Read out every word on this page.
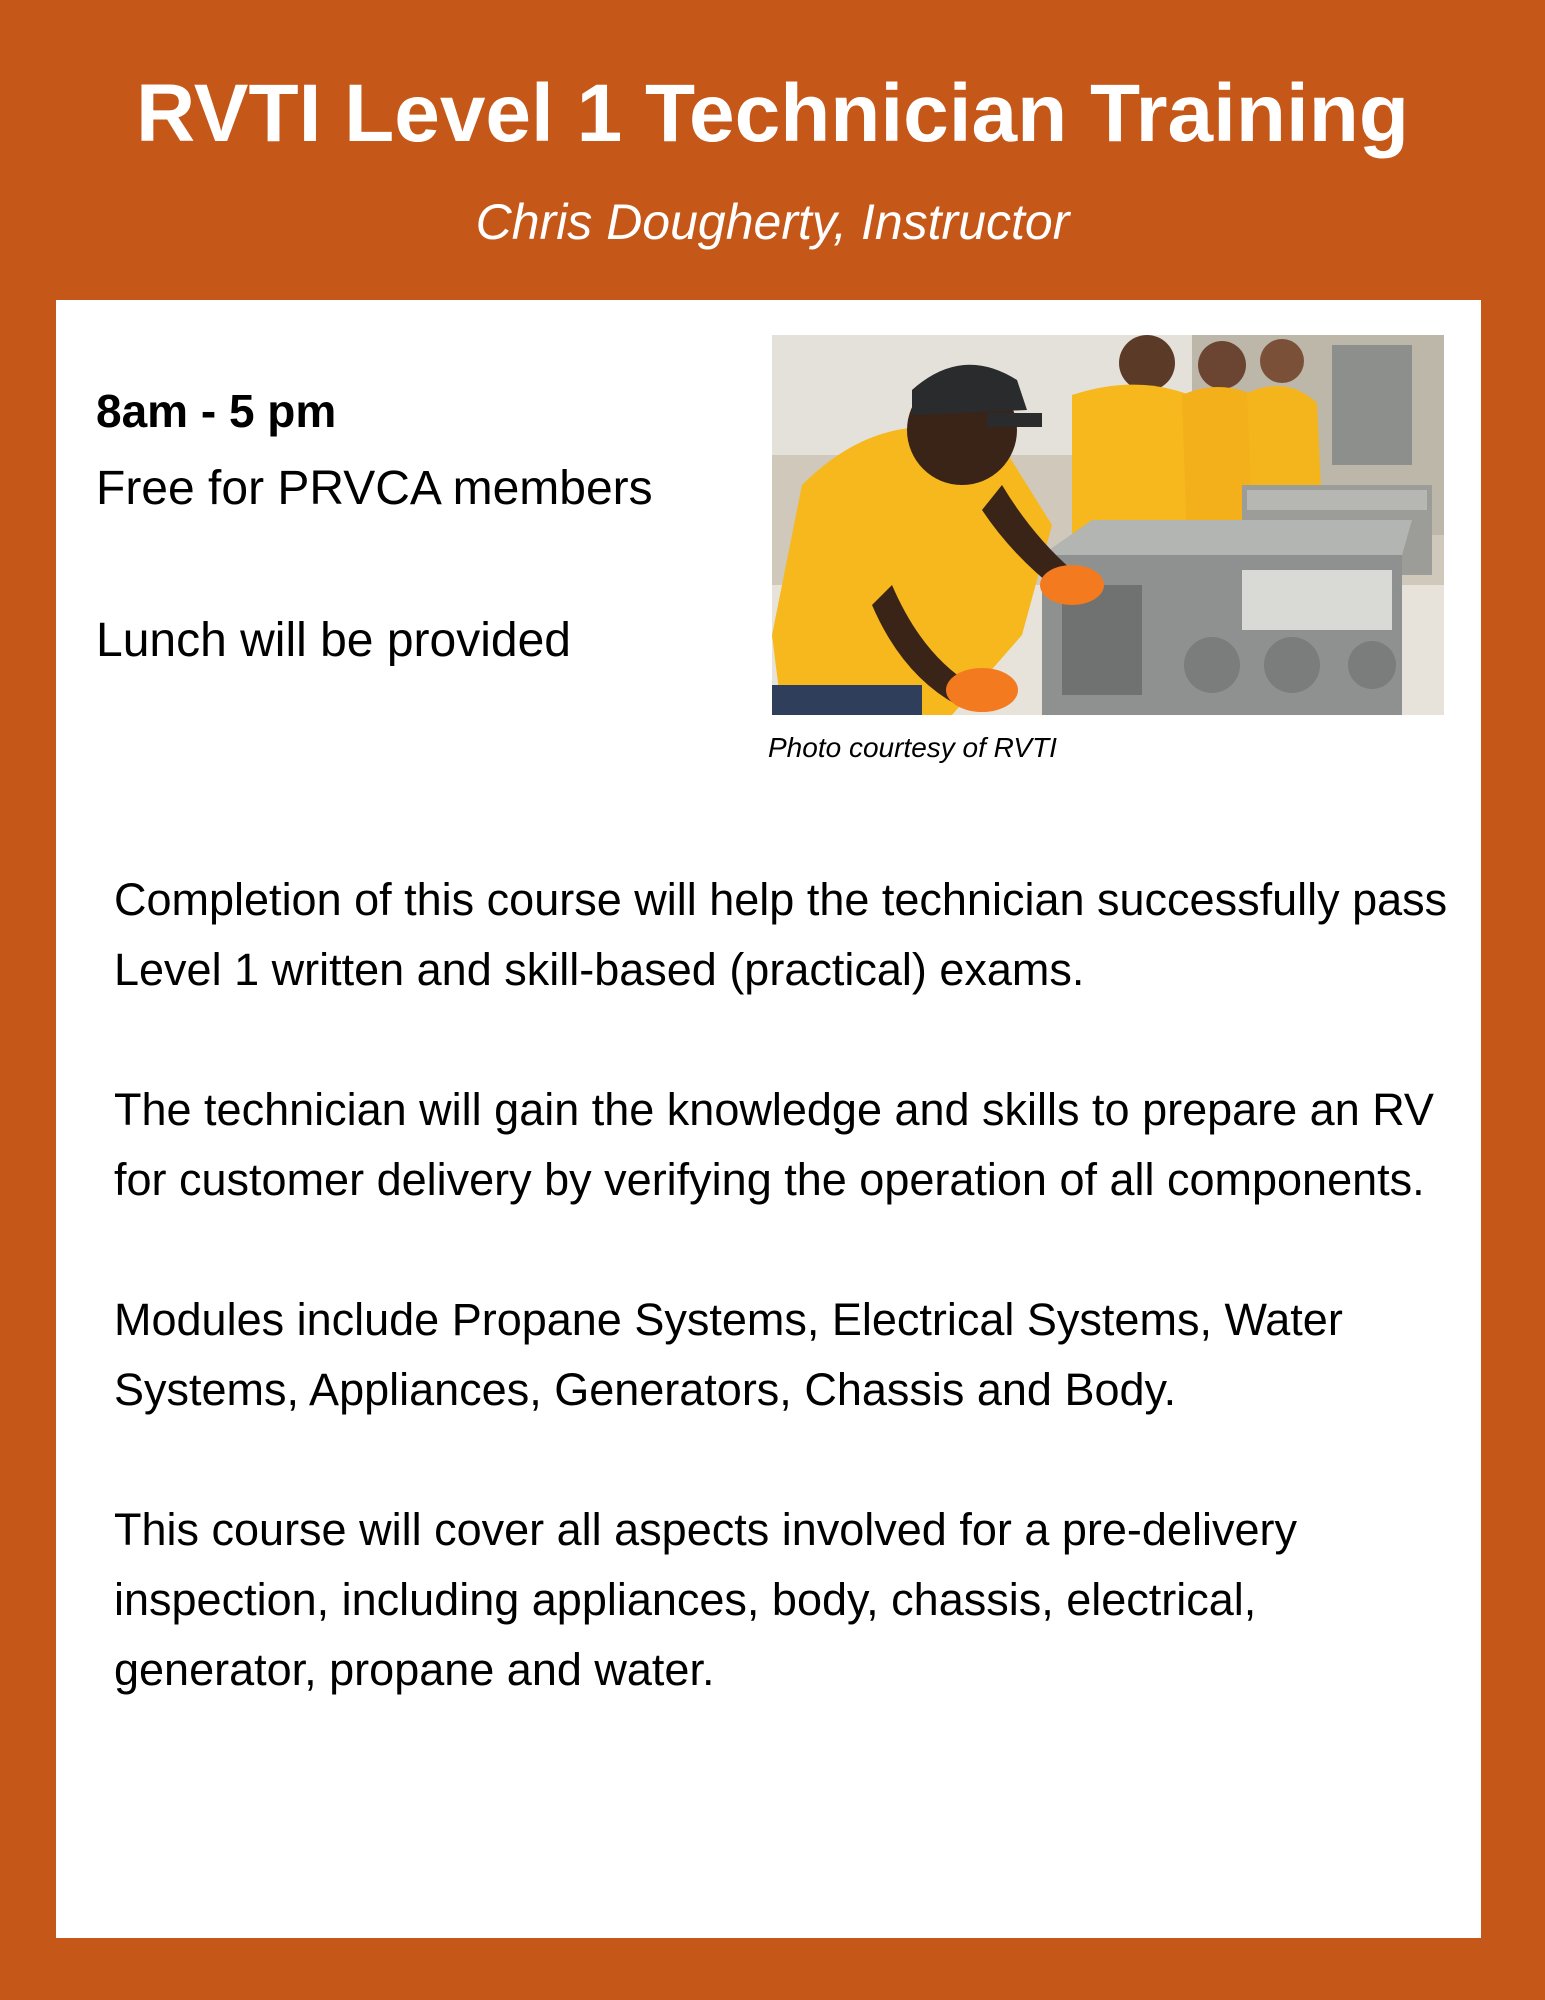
RVTI Level 1 Technician Training
Chris Dougherty, Instructor
8am - 5 pm
Free for PRVCA members
Lunch will be provided
Photo courtesy of RVTI

Completion of this course will help the technician successfully pass Level 1 written and skill-based (practical) exams.

The technician will gain the knowledge and skills to prepare an RV for customer delivery by verifying the operation of all components.

Modules include Propane Systems, Electrical Systems, Water Systems, Appliances, Generators, Chassis and Body.

This course will cover all aspects involved for a pre-delivery inspection, including appliances, body, chassis, electrical, generator, propane and water.
